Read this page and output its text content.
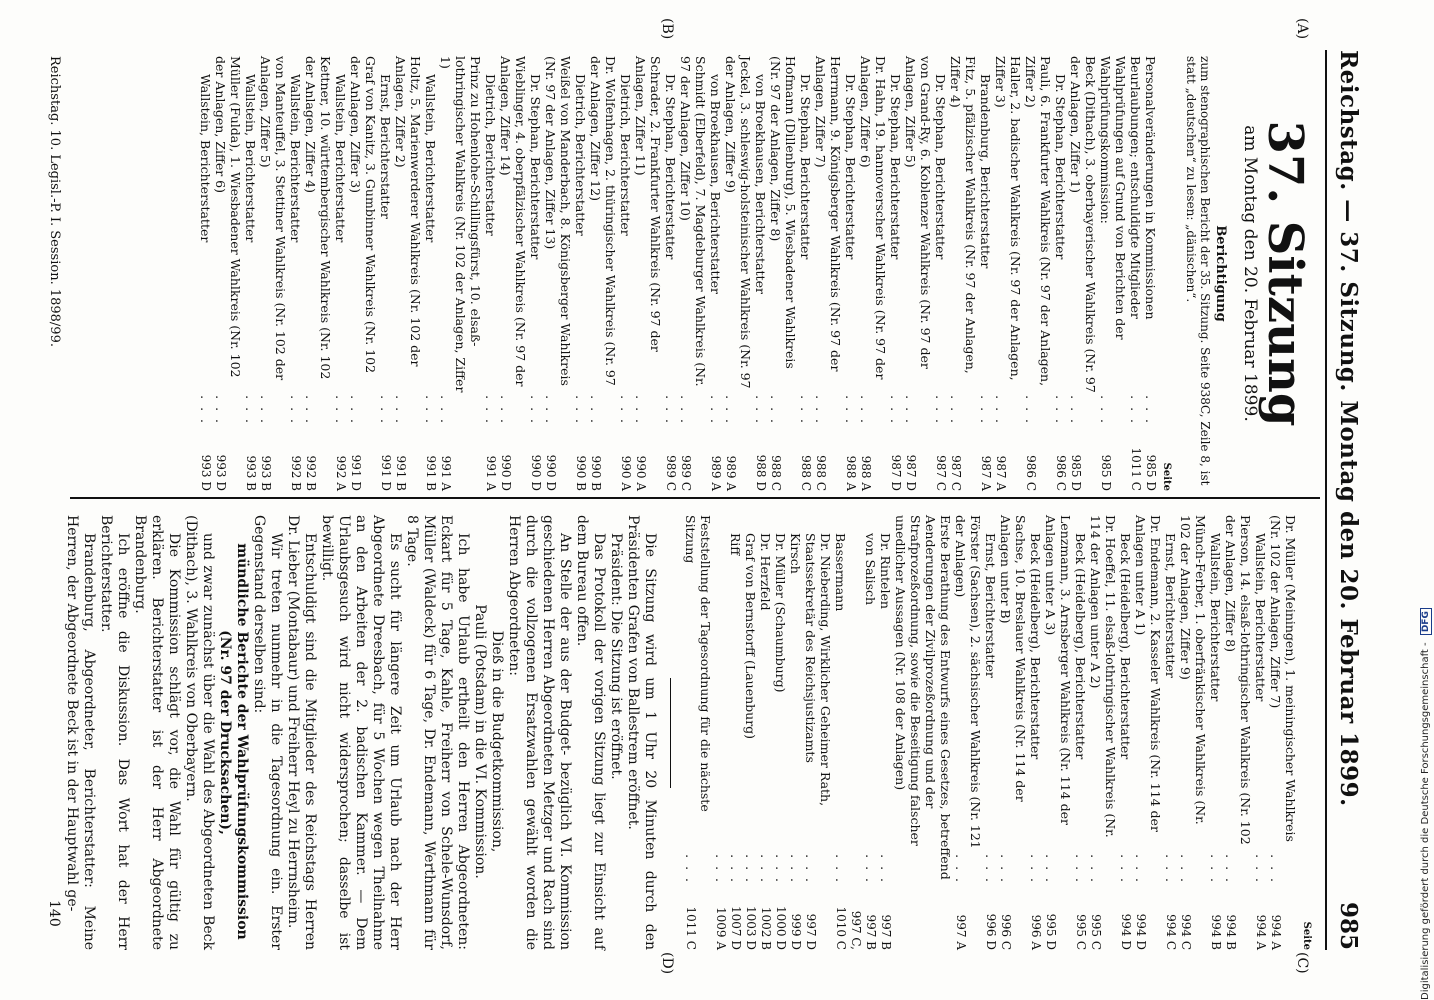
Reichstag. — 37. Sitzung. Montag den 20. Februar 1899.
985
(A)
(B)
(C)
(D)
37. Sitzung
am Montag den 20. Februar 1899.
Berichtigung
zum stenographischen Bericht der 35. Sitzung. Seite 938C, Zeile 8, ist statt „deutschen“ zu lesen: „dänischen“.
Seite
Personalveränderungen in Kommissionen
. . .
985 D
Beurlaubungen; entschuldigte Mitglieder
. . .
1011 C
Wahlprüfungen auf Grund von Berichten der Wahlprüfungskommission:
. . .
985 D
Beck (Dithach), 3. oberbayerischer Wahlkreis (Nr. 97 der Anlagen, Ziffer 1)
. . .
985 D
Dr. Stephan, Berichterstatter
. . .
986 C
Pauli, 6. Frankfurter Wahlkreis (Nr. 97 der Anlagen, Ziffer 2)
. . .
986 C
Haller, 2. badischer Wahlkreis (Nr. 97 der Anlagen, Ziffer 3)
. . .
987 A
Brandenburg, Berichterstatter
. . .
987 A
Fitz, 5. pfälzischer Wahlkreis (Nr. 97 der Anlagen, Ziffer 4)
. . .
987 C
Dr. Stephan, Berichterstatter
. . .
987 C
von Grand-Ry, 6. Koblenzer Wahlkreis (Nr. 97 der Anlagen, Ziffer 5)
. . .
987 D
Dr. Stephan, Berichterstatter
. . .
987 D
Dr. Hahn, 19. hannoverscher Wahlkreis (Nr. 97 der Anlagen, Ziffer 6)
. . .
988 A
Dr. Stephan, Berichterstatter
. . .
988 A
Herrmann, 9. Königsberger Wahlkreis (Nr. 97 der Anlagen, Ziffer 7)
. . .
988 C
Dr. Stephan, Berichterstatter
. . .
988 C
Hofmann (Dillenburg), 5. Wiesbadener Wahlkreis (Nr. 97 der Anlagen, Ziffer 8)
. . .
988 C
von Broekhausen, Berichterstatter
. . .
988 D
Jeckel, 3. schleswig-holsteinischer Wahlkreis (Nr. 97 der Anlagen, Ziffer 9)
. . .
989 A
von Broekhausen, Berichterstatter
. . .
989 A
Schmidt (Elberfeld), 7. Magdeburger Wahlkreis (Nr. 97 der Anlagen, Ziffer 10)
. . .
989 C
Dr. Stephan, Berichterstatter
. . .
989 C
Schrader, 2. Frankfurter Wahlkreis (Nr. 97 der Anlagen, Ziffer 11)
. . .
990 A
Dietrich, Berichterstatter
. . .
990 A
Dr. Wolfenhagen, 2. thüringischer Wahlkreis (Nr. 97 der Anlagen, Ziffer 12)
. . .
990 B
Dietrich, Berichterstatter
. . .
990 B
Weißel von Manderbach, 8. Königsberger Wahlkreis (Nr. 97 der Anlagen, Ziffer 13)
. . .
990 D
Dr. Stephan, Berichterstatter
. . .
990 D
Wieblinger, 4. oberpfälzischer Wahlkreis (Nr. 97 der Anlagen, Ziffer 14)
. . .
990 D
Dietrich, Berichterstatter
. . .
991 A
Prinz zu Hohenlohe-Schillingsfürst, 10. elsaß-lothringischer Wahlkreis (Nr. 102 der Anlagen, Ziffer 1)
. . .
991 A
Wallstein, Berichterstatter
. . .
991 B
Holtz, 5. Marienwerderer Wahlkreis (Nr. 102 der Anlagen, Ziffer 2)
. . .
991 B
Ernst, Berichterstatter
. . .
991 D
Graf von Kanitz, 3. Gumbinner Wahlkreis (Nr. 102 der Anlagen, Ziffer 3)
. . .
991 D
Wallstein, Berichterstatter
. . .
992 A
Kettner, 10. württembergischer Wahlkreis (Nr. 102 der Anlagen, Ziffer 4)
. . .
992 B
Wallstein, Berichterstatter
. . .
992 B
von Manteuffel, 3. Stettiner Wahlkreis (Nr. 102 der Anlagen, Ziffer 5)
. . .
993 B
Wallstein, Berichterstatter
. . .
993 B
Müller (Fulda), 1. Wiesbadener Wahlkreis (Nr. 102 der Anlagen, Ziffer 6)
. . .
993 D
Wallstein, Berichterstatter
. . .
993 D
Seite
Dr. Müller (Meiningen), 1. meiningischer Wahlkreis (Nr. 102 der Anlagen, Ziffer 7)
. . .
994 A
Wallstein, Berichterstatter
. . .
994 A
Pierson, 14. elsaß-lothringischer Wahlkreis (Nr. 102 der Anlagen, Ziffer 8)
. . .
994 B
Wallstein, Berichterstatter
. . .
994 B
Münch-Ferber, 1. oberfränkischer Wahlkreis (Nr. 102 der Anlagen, Ziffer 9)
. . .
994 C
Ernst, Berichterstatter
. . .
994 C
Dr. Endemann, 2. Kasseler Wahlkreis (Nr. 114 der Anlagen unter A 1)
. . .
994 D
Beck (Heidelberg), Berichterstatter
. . .
994 D
Dr. Hoeffel, 11. elsaß-lothringischer Wahlkreis (Nr. 114 der Anlagen unter A 2)
. . .
995 C
Beck (Heidelberg), Berichterstatter
. . .
995 C
Lenzmann, 3. Arnsberger Wahlkreis (Nr. 114 der Anlagen unter A 3)
. . .
995 D
Beck (Heidelberg), Berichterstatter
. . .
996 A
Sachse, 10. Breslauer Wahlkreis (Nr. 114 der Anlagen unter B)
. . .
996 C
Ernst, Berichterstatter
. . .
996 D
Förster (Sachsen), 2. sächsischer Wahlkreis (Nr. 121 der Anlagen)
. . .
997 A
Erste Berathung des Entwurfs eines Gesetzes, betreffend Aenderungen der Zivilprozeßordnung und der Strafprozeßordnung, sowie die Beseitigung falscher unedlicher Aussagen (Nr. 108 der Anlagen)
Dr. Rintelen
. . .
997 B
von Salisch
. . .
997 B
Bassermann
. . .
997 C, 1010 C
Dr. Nieberding, Wirklicher Geheimer Rath, Staatssekretär des Reichsjustizamts
. . .
997 D
Kirsch
. . .
999 D
Dr. Müller (Schaumburg)
. . .
1000 D
Dr. Herzfeld
. . .
1002 B
Graf von Bernstorff (Lauenburg)
. . .
1003 D
Riff
. . .
1007 D
. . .
1009 A
Feststellung der Tagesordnung für die nächste Sitzung
. . .
1011 C
Die Sitzung wird um 1 Uhr 20 Minuten durch den Präsidenten Grafen von Ballestrem eröffnet.
Präsident: Die Sitzung ist eröffnet.
Das Protokoll der vorigen Sitzung liegt zur Einsicht auf dem Bureau offen.
An Stelle der aus der Budget- bezüglich VI. Kommission geschiedenen Herren Abgeordneten Metzger und Rach sind durch die vollzogenen Ersatzwahlen gewählt worden die Herren Abgeordneten:
Dieß in die Budgetkommission,
Pauli (Potsdam) in die VI. Kommission.
Ich habe Urlaub ertheilt den Herren Abgeordneten: Eckart für 5 Tage, Kahle, Freiherr von Schele-Wunsdorf, Müller (Waldeck) für 6 Tage, Dr. Endemann, Werthmann für 8 Tage.
Es sucht für längere Zeit um Urlaub nach der Herr Abgeordnete Dreesbach, für 5 Wochen wegen Theilnahme an den Arbeiten der 2. badischen Kammer. — Dem Urlaubsgesuch wird nicht widersprochen; dasselbe ist bewilligt.
Entschuldigt sind die Mitglieder des Reichstags Herren Dr. Lieber (Montabaur) und Freiherr Heyl zu Herrnsheim.
Wir treten nunmehr in die Tagesordnung ein. Erster Gegenstand derselben sind:
mündliche Berichte der Wahlprüfungskommission (Nr. 97 der Drucksachen),
und zwar zunächst über die Wahl des Abgeordneten Beck (Dithach), 3. Wahlkreis von Oberbayern.
Die Kommission schlägt vor, die Wahl für gültig zu erklären. Berichterstatter ist der Herr Abgeordnete Brandenburg.
Ich eröffne die Diskussion. Das Wort hat der Herr Berichterstatter.
Brandenburg, Abgeordneter, Berichterstatter: Meine Herren, der Abgeordnete Beck ist in der Hauptwahl ge-
Reichstag. 10. Legisl.-P. I. Session. 1898/99.
140	Digitalisierung gefördert durch die Deutsche Forschungsgemeinschaft - DFG
